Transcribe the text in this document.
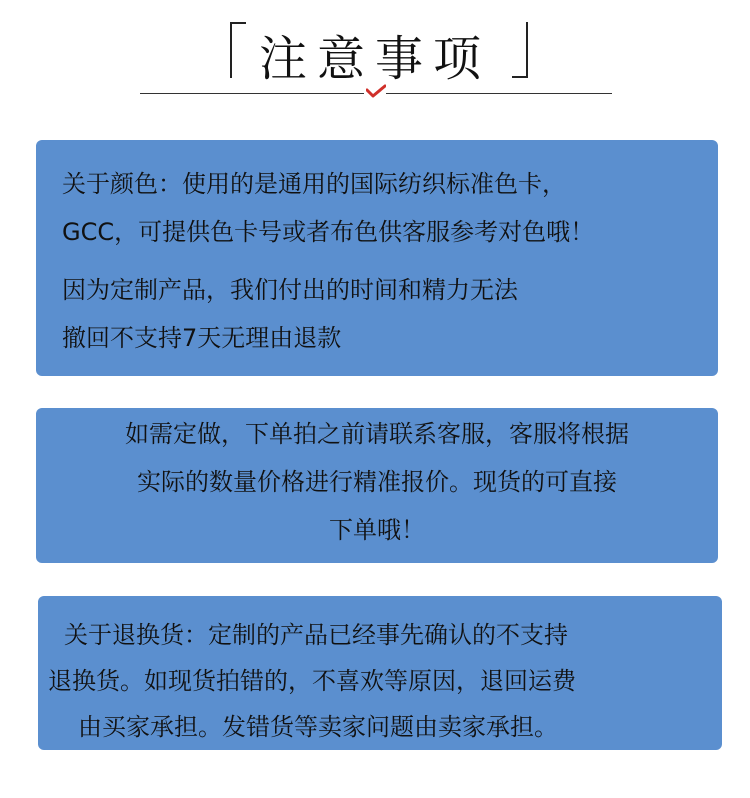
注意事项
关于颜色：使用的是通用的国际纺织标准色卡，
GCC，可提供色卡号或者布色供客服参考对色哦！
因为定制产品，我们付出的时间和精力无法
撤回不支持7天无理由退款
如需定做，下单拍之前请联系客服，客服将根据
实际的数量价格进行精准报价。现货的可直接
下单哦！
关于退换货：定制的产品已经事先确认的不支持
退换货。如现货拍错的，不喜欢等原因，退回运费
由买家承担。发错货等卖家问题由卖家承担。
